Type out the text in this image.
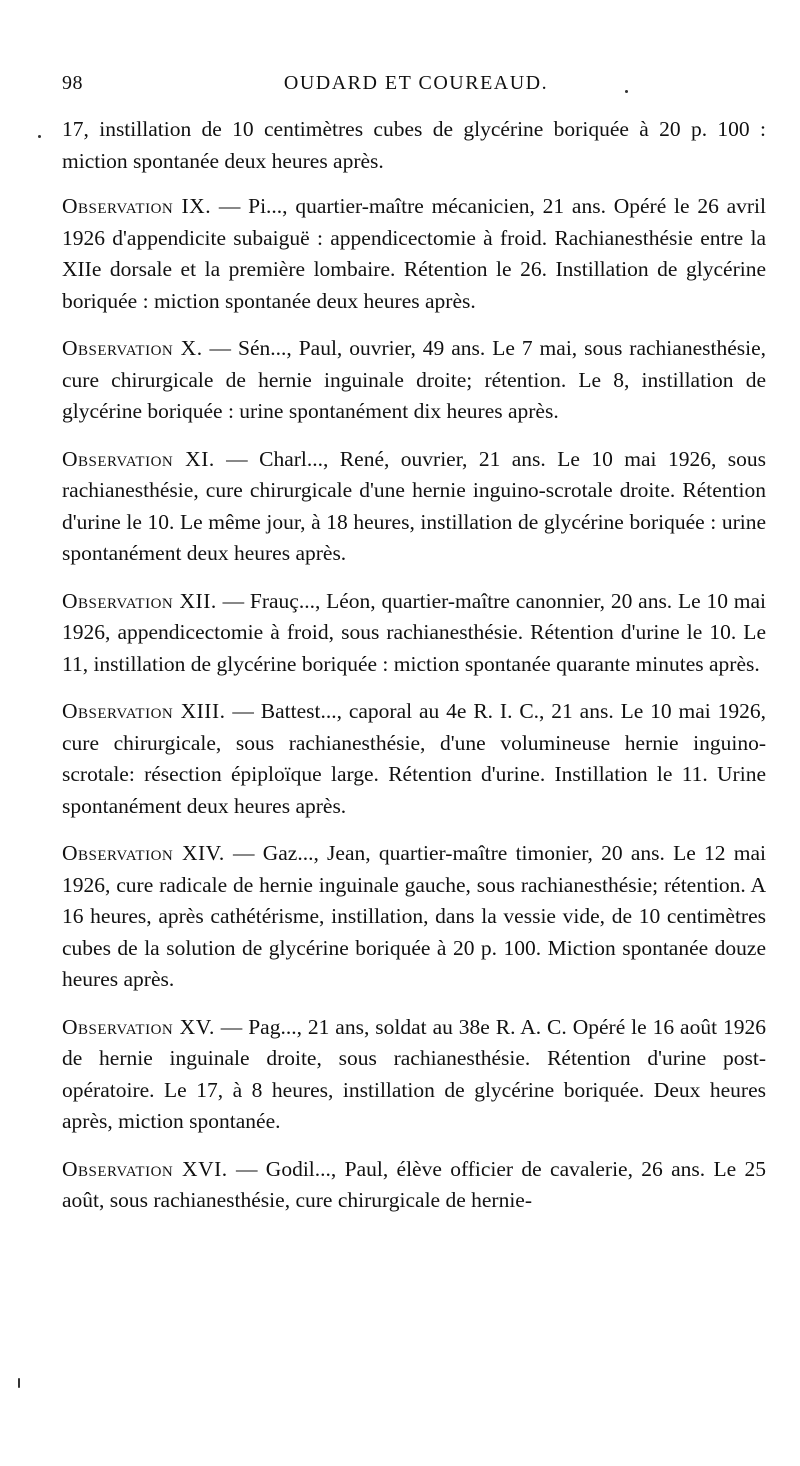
98	OUDARD ET COUREAUD.

17, instillation de 10 centimètres cubes de glycérine boriquée à 20 p. 100 : miction spontanée deux heures après.

Observation IX. — Pi..., quartier-maître mécanicien, 21 ans. Opéré le 26 avril 1926 d'appendicite subaiguë : appendicectomie à froid. Rachianesthésie entre la XIIe dorsale et la première lombaire. Rétention le 26. Instillation de glycérine boriquée : miction spontanée deux heures après.

Observation X. — Sén..., Paul, ouvrier, 49 ans. Le 7 mai, sous rachianesthésie, cure chirurgicale de hernie inguinale droite; rétention. Le 8, instillation de glycérine boriquée : urine spontanément dix heures après.

Observation XI. — Charl..., René, ouvrier, 21 ans. Le 10 mai 1926, sous rachianesthésie, cure chirurgicale d'une hernie inguino-scrotale droite. Rétention d'urine le 10. Le même jour, à 18 heures, instillation de glycérine boriquée : urine spontanément deux heures après.

Observation XII. — Frauç..., Léon, quartier-maître canonnier, 20 ans. Le 10 mai 1926, appendicectomie à froid, sous rachianesthésie. Rétention d'urine le 10. Le 11, instillation de glycérine boriquée : miction spontanée quarante minutes après.

Observation XIII. — Battest..., caporal au 4e R. I. C., 21 ans. Le 10 mai 1926, cure chirurgicale, sous rachianesthésie, d'une volumineuse hernie inguino-scrotale: résection épiploïque large. Rétention d'urine. Instillation le 11. Urine spontanément deux heures après.

Observation XIV. — Gaz..., Jean, quartier-maître timonier, 20 ans. Le 12 mai 1926, cure radicale de hernie inguinale gauche, sous rachianesthésie; rétention. A 16 heures, après cathétérisme, instillation, dans la vessie vide, de 10 centimètres cubes de la solution de glycérine boriquée à 20 p. 100. Miction spontanée douze heures après.

Observation XV. — Pag..., 21 ans, soldat au 38e R. A. C. Opéré le 16 août 1926 de hernie inguinale droite, sous rachianesthésie. Rétention d'urine post-opératoire. Le 17, à 8 heures, instillation de glycérine boriquée. Deux heures après, miction spontanée.

Observation XVI. — Godil..., Paul, élève officier de cavalerie, 26 ans. Le 25 août, sous rachianesthésie, cure chirurgicale de hernie-
